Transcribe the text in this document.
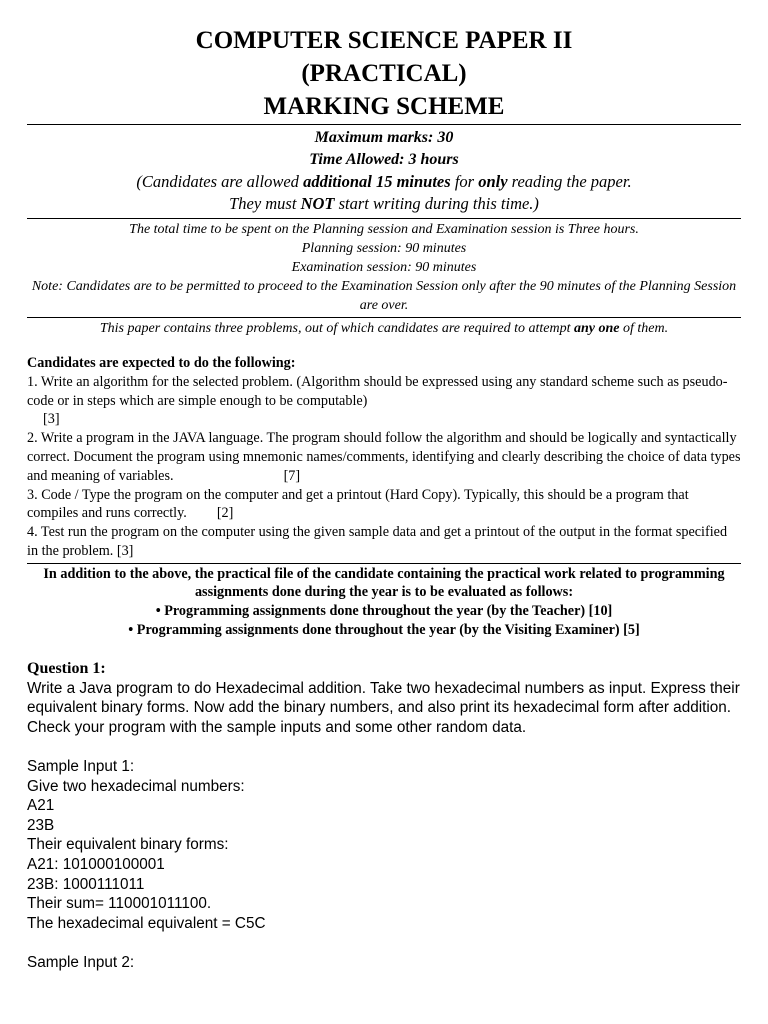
COMPUTER SCIENCE PAPER II
(PRACTICAL)
MARKING SCHEME
Maximum marks: 30
Time Allowed: 3 hours
(Candidates are allowed additional 15 minutes for only reading the paper.
They must NOT start writing during this time.)
The total time to be spent on the Planning session and Examination session is Three hours.
Planning session: 90 minutes
Examination session: 90 minutes
Note: Candidates are to be permitted to proceed to the Examination Session only after the 90 minutes of the Planning Session are over.
This paper contains three problems, out of which candidates are required to attempt any one of them.
Candidates are expected to do the following:
1. Write an algorithm for the selected problem. (Algorithm should be expressed using any standard scheme such as pseudo-code or in steps which are simple enough to be computable)
[3]
2. Write a program in the JAVA language. The program should follow the algorithm and should be logically and syntactically correct. Document the program using mnemonic names/comments, identifying and clearly describing the choice of data types and meaning of variables.	[7]
3. Code / Type the program on the computer and get a printout (Hard Copy). Typically, this should be a program that compiles and runs correctly. [2]
4. Test run the program on the computer using the given sample data and get a printout of the output in the format specified in the problem. [3]
In addition to the above, the practical file of the candidate containing the practical work related to programming assignments done during the year is to be evaluated as follows:
• Programming assignments done throughout the year (by the Teacher) [10]
• Programming assignments done throughout the year (by the Visiting Examiner) [5]
Question 1:
Write a Java program to do Hexadecimal addition. Take two hexadecimal numbers as input. Express their equivalent binary forms. Now add the binary numbers, and also print its hexadecimal form after addition. Check your program with the sample inputs and some other random data.
Sample Input 1:
Give two hexadecimal numbers:
A21
23B
Their equivalent binary forms:
A21: 101000100001
23B: 1000111011
Their sum= 110001011100.
The hexadecimal equivalent = C5C
Sample Input 2:
